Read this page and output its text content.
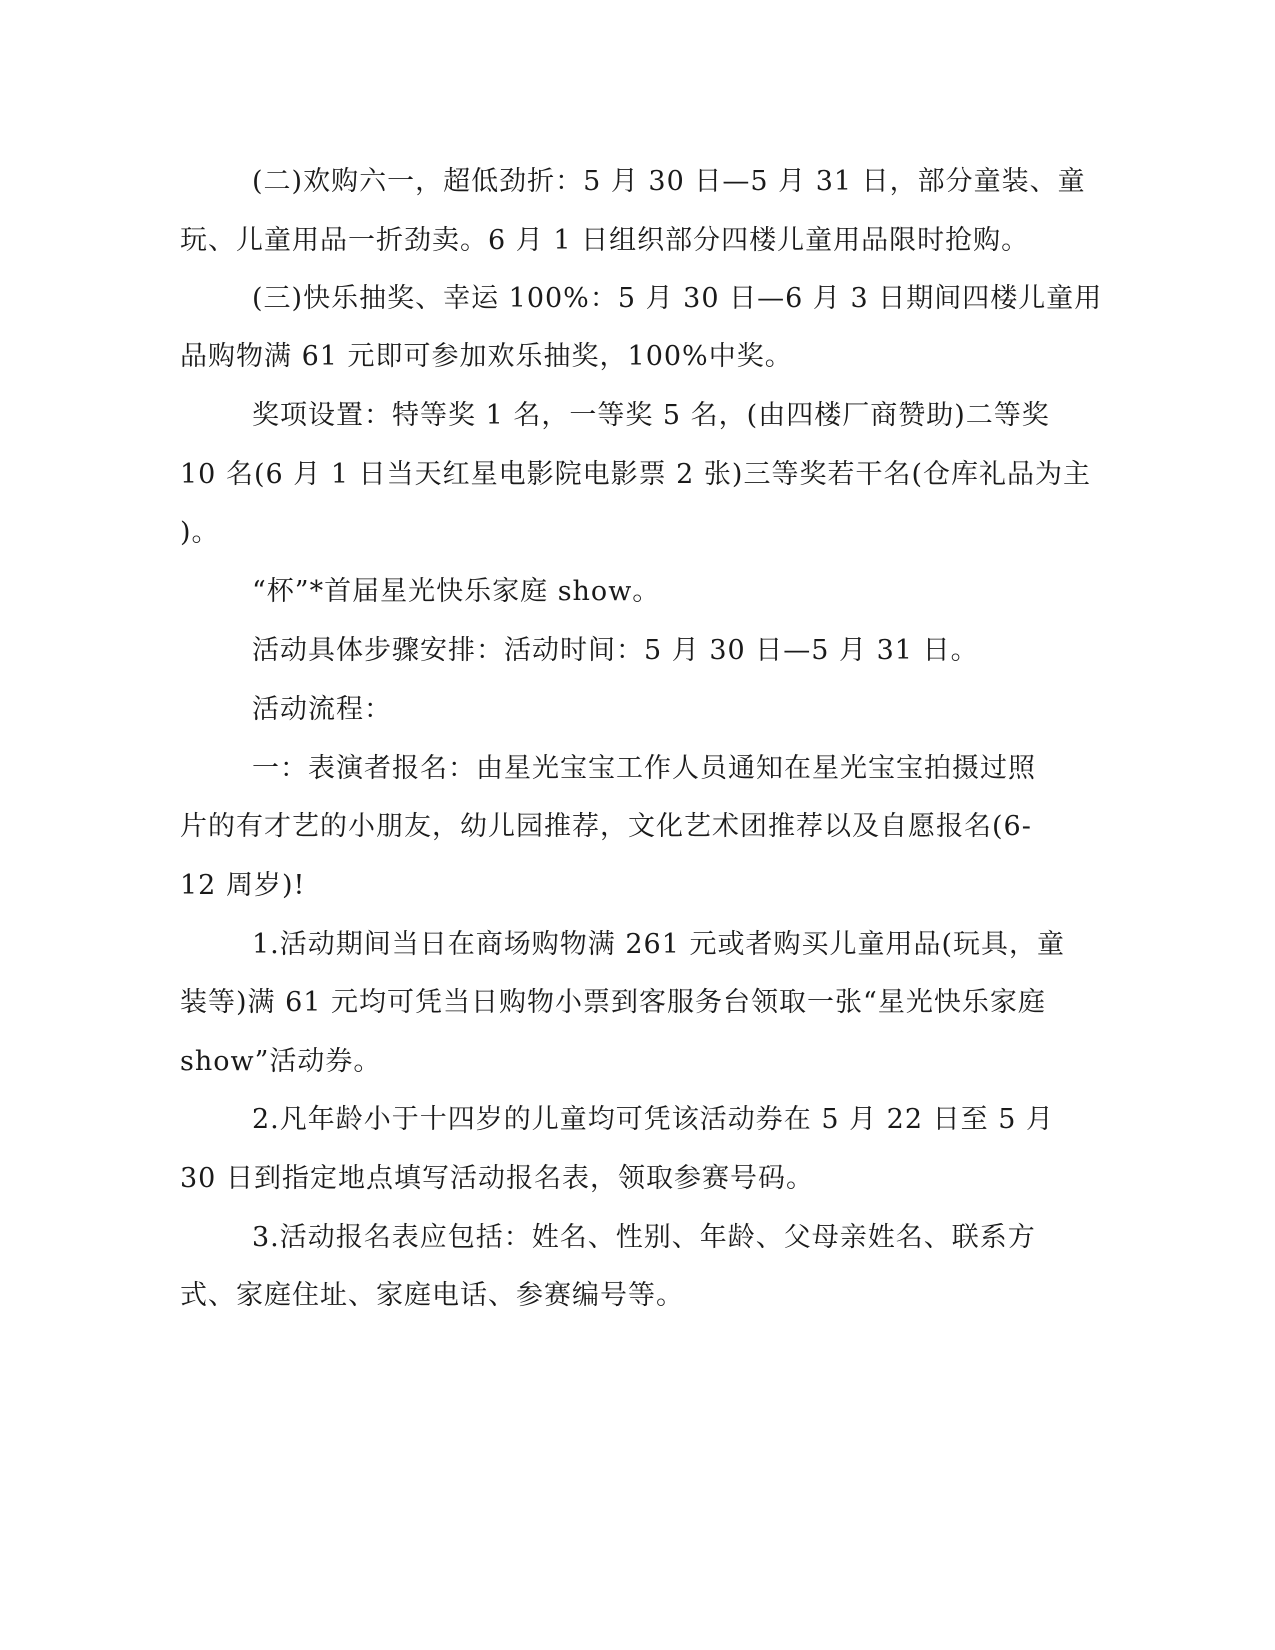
(二)欢购六一，超低劲折：5 月 30 日—5 月 31 日，部分童装、童
玩、儿童用品一折劲卖。6 月 1 日组织部分四楼儿童用品限时抢购。
(三)快乐抽奖、幸运 100%：5 月 30 日—6 月 3 日期间四楼儿童用
品购物满 61 元即可参加欢乐抽奖，100%中奖。
奖项设置：特等奖 1 名，一等奖 5 名，(由四楼厂商赞助)二等奖
10 名(6 月 1 日当天红星电影院电影票 2 张)三等奖若干名(仓库礼品为主
)。
“杯”*首届星光快乐家庭 show。
活动具体步骤安排：活动时间：5 月 30 日—5 月 31 日。
活动流程：
一：表演者报名：由星光宝宝工作人员通知在星光宝宝拍摄过照
片的有才艺的小朋友，幼儿园推荐，文化艺术团推荐以及自愿报名(6-
12 周岁)!
1.活动期间当日在商场购物满 261 元或者购买儿童用品(玩具，童
装等)满 61 元均可凭当日购物小票到客服务台领取一张“星光快乐家庭
show”活动券。
2.凡年龄小于十四岁的儿童均可凭该活动券在 5 月 22 日至 5 月
30 日到指定地点填写活动报名表，领取参赛号码。
3.活动报名表应包括：姓名、性别、年龄、父母亲姓名、联系方
式、家庭住址、家庭电话、参赛编号等。
